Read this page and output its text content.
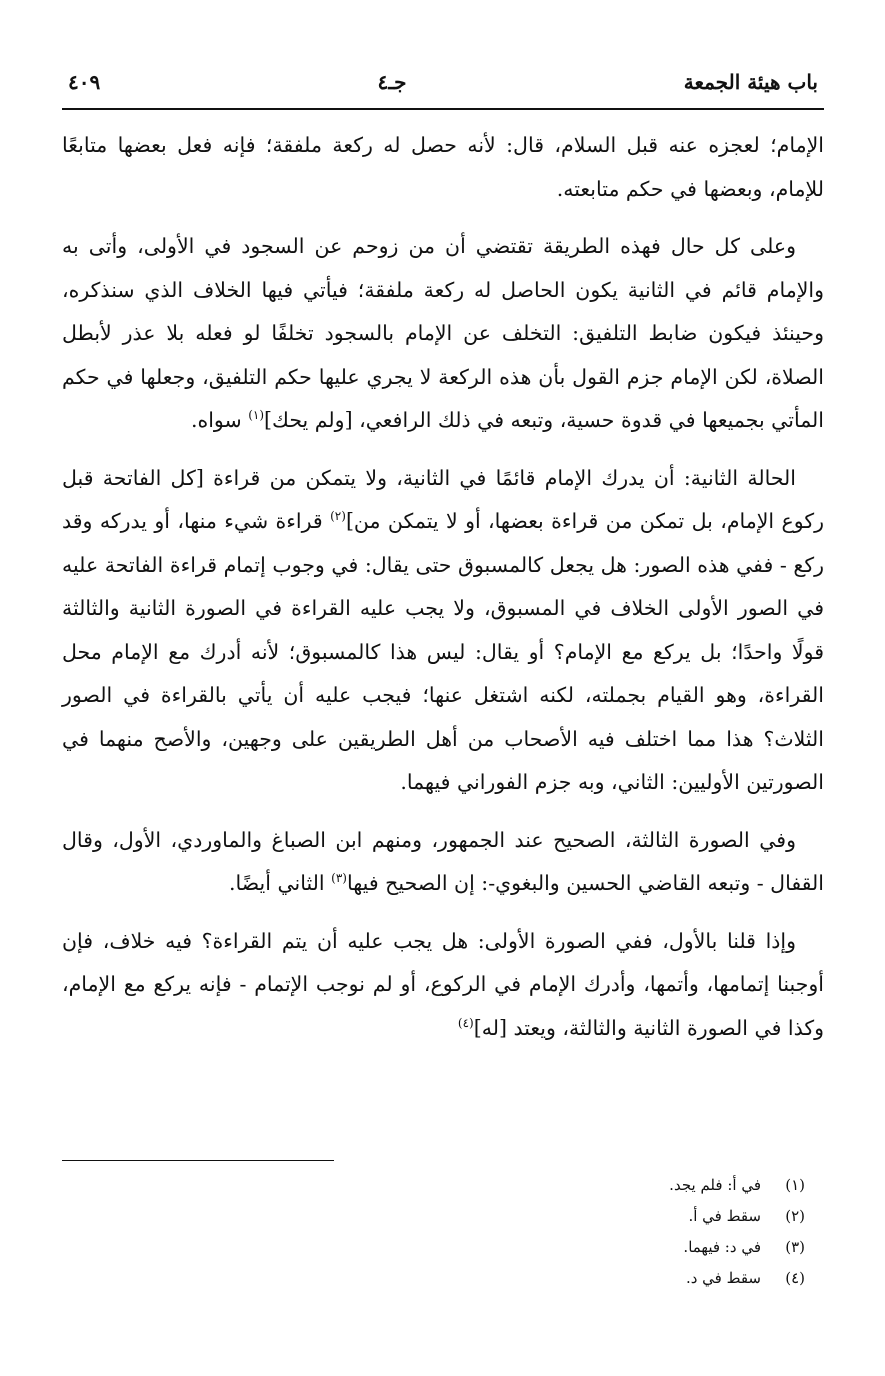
باب هيئة الجمعة
جـ٤
٤٠٩

الإمام؛ لعجزه عنه قبل السلام، قال: لأنه حصل له ركعة ملفقة؛ فإنه فعل بعضها متابعًا للإمام، وبعضها في حكم متابعته.

وعلى كل حال فهذه الطريقة تقتضي أن من زوحم عن السجود في الأولى، وأتى به والإمام قائم في الثانية يكون الحاصل له ركعة ملفقة؛ فيأتي فيها الخلاف الذي سنذكره، وحينئذ فيكون ضابط التلفيق: التخلف عن الإمام بالسجود تخلفًا لو فعله بلا عذر لأبطل الصلاة، لكن الإمام جزم القول بأن هذه الركعة لا يجري عليها حكم التلفيق، وجعلها في حكم المأتي بجميعها في قدوة حسية، وتبعه في ذلك الرافعي، [ولم يحك]$^{(١)}$ سواه.

الحالة الثانية: أن يدرك الإمام قائمًا في الثانية، ولا يتمكن من قراءة [كل الفاتحة قبل ركوع الإمام، بل تمكن من قراءة بعضها، أو لا يتمكن من]$^{(٢)}$ قراءة شيء منها، أو يدركه وقد ركع - ففي هذه الصور: هل يجعل كالمسبوق حتى يقال: في وجوب إتمام قراءة الفاتحة عليه في الصور الأولى الخلاف في المسبوق، ولا يجب عليه القراءة في الصورة الثانية والثالثة قولًا واحدًا؛ بل يركع مع الإمام؟ أو يقال: ليس هذا كالمسبوق؛ لأنه أدرك مع الإمام محل القراءة، وهو القيام بجملته، لكنه اشتغل عنها؛ فيجب عليه أن يأتي بالقراءة في الصور الثلاث؟ هذا مما اختلف فيه الأصحاب من أهل الطريقين على وجهين، والأصح منهما في الصورتين الأوليين: الثاني، وبه جزم الفوراني فيهما.

وفي الصورة الثالثة، الصحيح عند الجمهور، ومنهم ابن الصباغ والماوردي، الأول، وقال القفال - وتبعه القاضي الحسين والبغوي-: إن الصحيح فيها$^{(٣)}$ الثاني أيضًا.

وإذا قلنا بالأول، ففي الصورة الأولى: هل يجب عليه أن يتم القراءة؟ فيه خلاف، فإن أوجبنا إتمامها، وأتمها، وأدرك الإمام في الركوع، أو لم نوجب الإتمام - فإنه يركع مع الإمام، وكذا في الصورة الثانية والثالثة، ويعتد [له]$^{(٤)}$

(١)في أ: فلم يجد.
(٢)سقط في أ.
(٣)في د: فيهما.
(٤)سقط في د.
